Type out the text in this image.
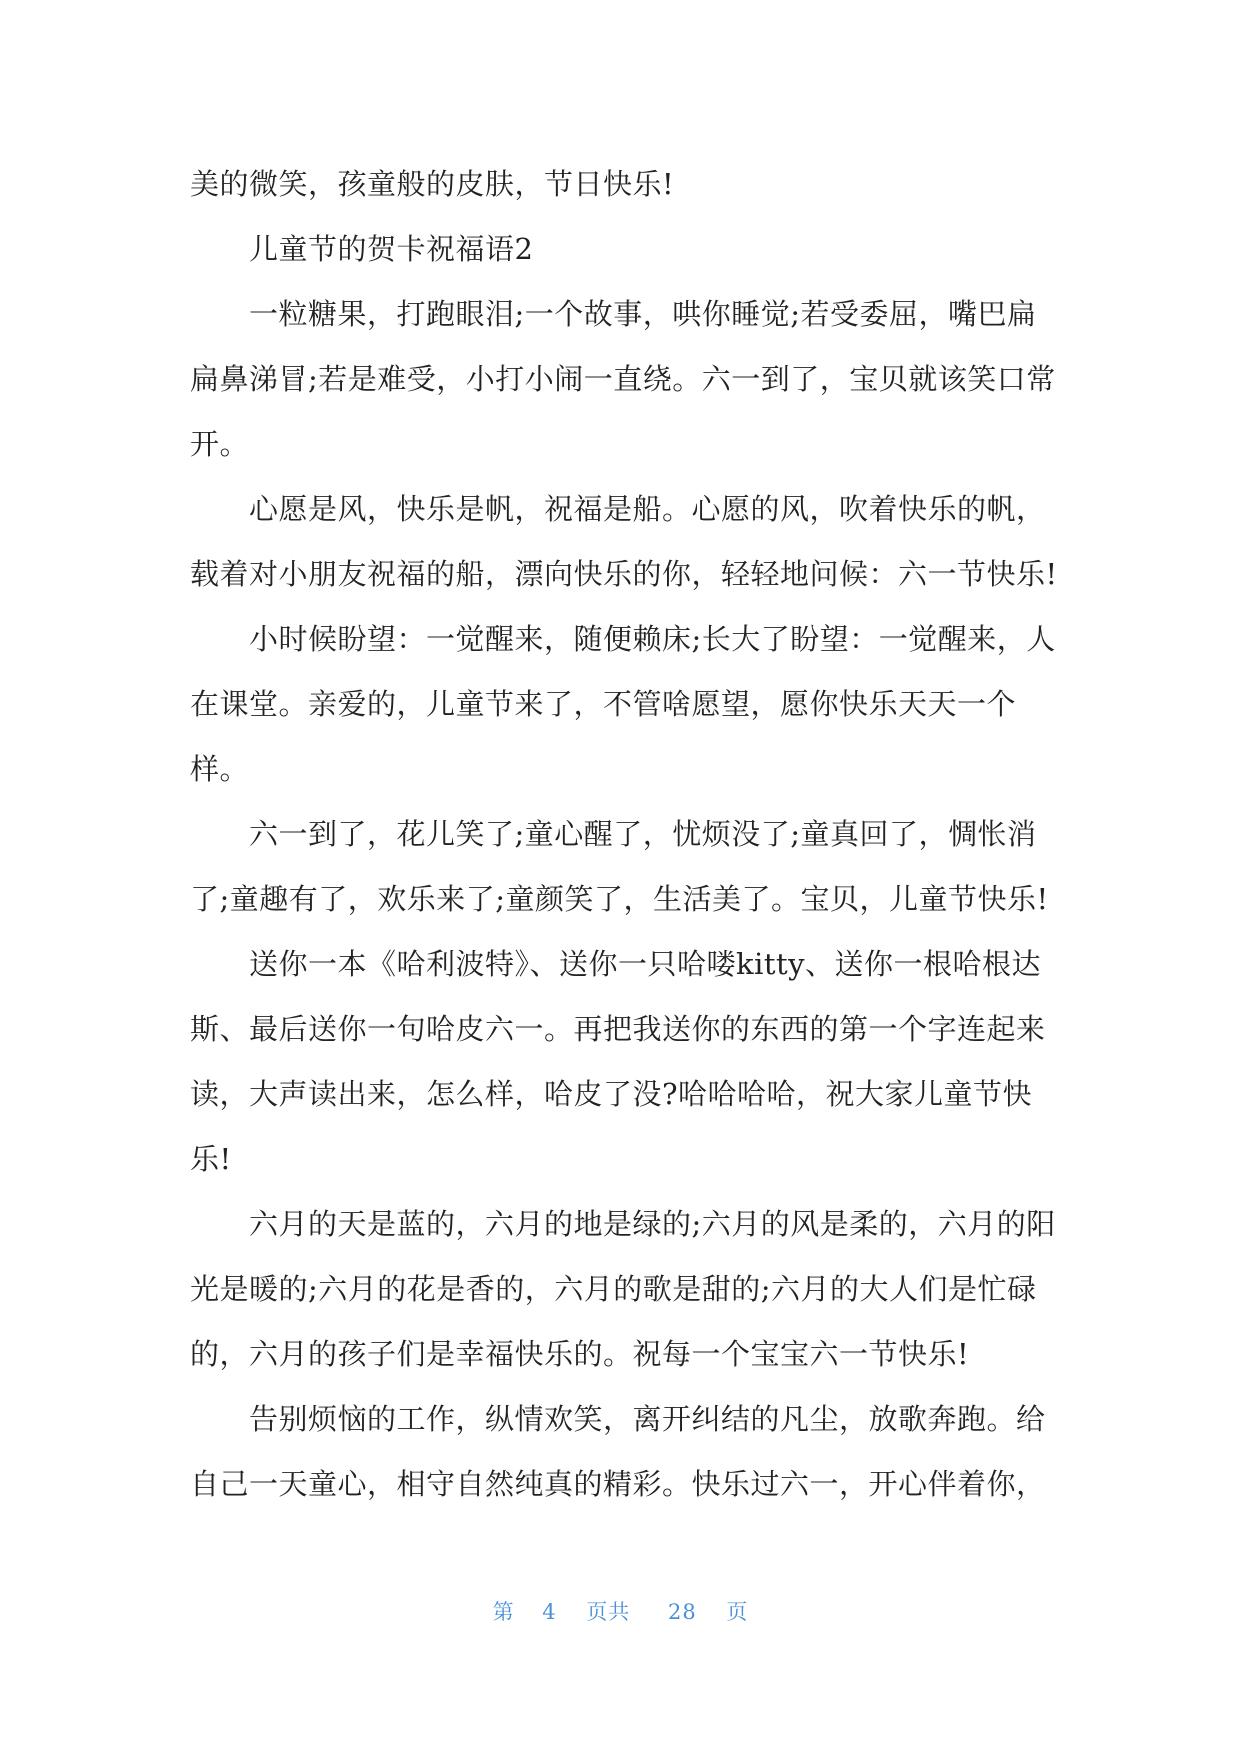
美的微笑，孩童般的皮肤，节日快乐!
儿童节的贺卡祝福语2
一粒糖果，打跑眼泪;一个故事，哄你睡觉;若受委屈，嘴巴扁
扁鼻涕冒;若是难受，小打小闹一直绕。六一到了，宝贝就该笑口常
开。
心愿是风，快乐是帆，祝福是船。心愿的风，吹着快乐的帆，
载着对小朋友祝福的船，漂向快乐的你，轻轻地问候：六一节快乐!
小时候盼望：一觉醒来，随便赖床;长大了盼望：一觉醒来，人
在课堂。亲爱的，儿童节来了，不管啥愿望，愿你快乐天天一个
样。
六一到了，花儿笑了;童心醒了，忧烦没了;童真回了，惆怅消
了;童趣有了，欢乐来了;童颜笑了，生活美了。宝贝，儿童节快乐!
送你一本《哈利波特》、送你一只哈喽kitty、送你一根哈根达
斯、最后送你一句哈皮六一。再把我送你的东西的第一个字连起来
读，大声读出来，怎么样，哈皮了没?哈哈哈哈，祝大家儿童节快
乐!
六月的天是蓝的，六月的地是绿的;六月的风是柔的，六月的阳
光是暖的;六月的花是香的，六月的歌是甜的;六月的大人们是忙碌
的，六月的孩子们是幸福快乐的。祝每一个宝宝六一节快乐!
告别烦恼的工作，纵情欢笑，离开纠结的凡尘，放歌奔跑。给
自己一天童心，相守自然纯真的精彩。快乐过六一，开心伴着你，
第 4 页共 28 页
